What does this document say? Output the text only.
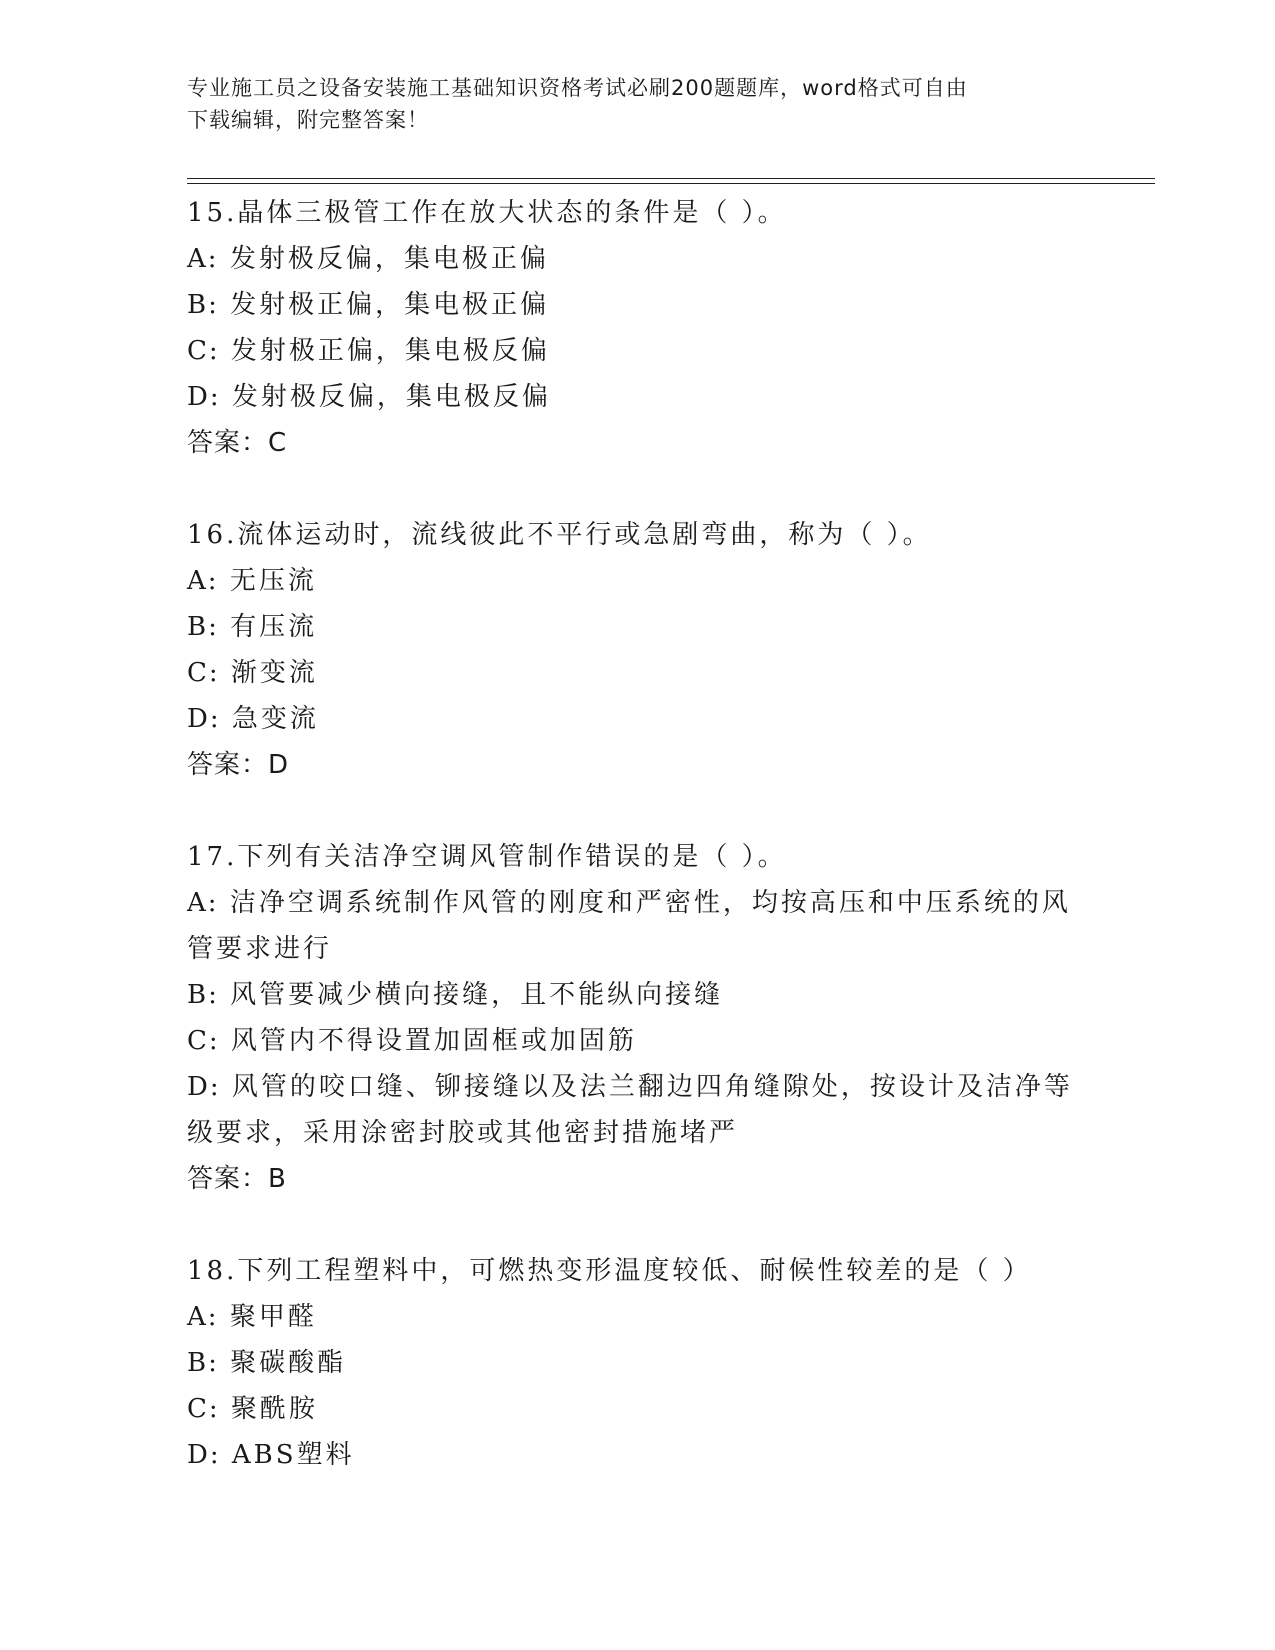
专业施工员之设备安装施工基础知识资格考试必刷200题题库，word格式可自由
下载编辑，附完整答案！
15.晶体三极管工作在放大状态的条件是（ ）。
A: 发射极反偏，集电极正偏
B: 发射极正偏，集电极正偏
C: 发射极正偏，集电极反偏
D: 发射极反偏，集电极反偏
答案：C
16.流体运动时，流线彼此不平行或急剧弯曲，称为（ ）。
A: 无压流
B: 有压流
C: 渐变流
D: 急变流
答案：D
17.下列有关洁净空调风管制作错误的是（ ）。
A: 洁净空调系统制作风管的刚度和严密性，均按高压和中压系统的风管要求进行
B: 风管要减少横向接缝，且不能纵向接缝
C: 风管内不得设置加固框或加固筋
D: 风管的咬口缝、铆接缝以及法兰翻边四角缝隙处，按设计及洁净等级要求，采用涂密封胶或其他密封措施堵严
答案：B
18.下列工程塑料中，可燃热变形温度较低、耐候性较差的是（ ）
A: 聚甲醛
B: 聚碳酸酯
C: 聚酰胺
D: ABS塑料
